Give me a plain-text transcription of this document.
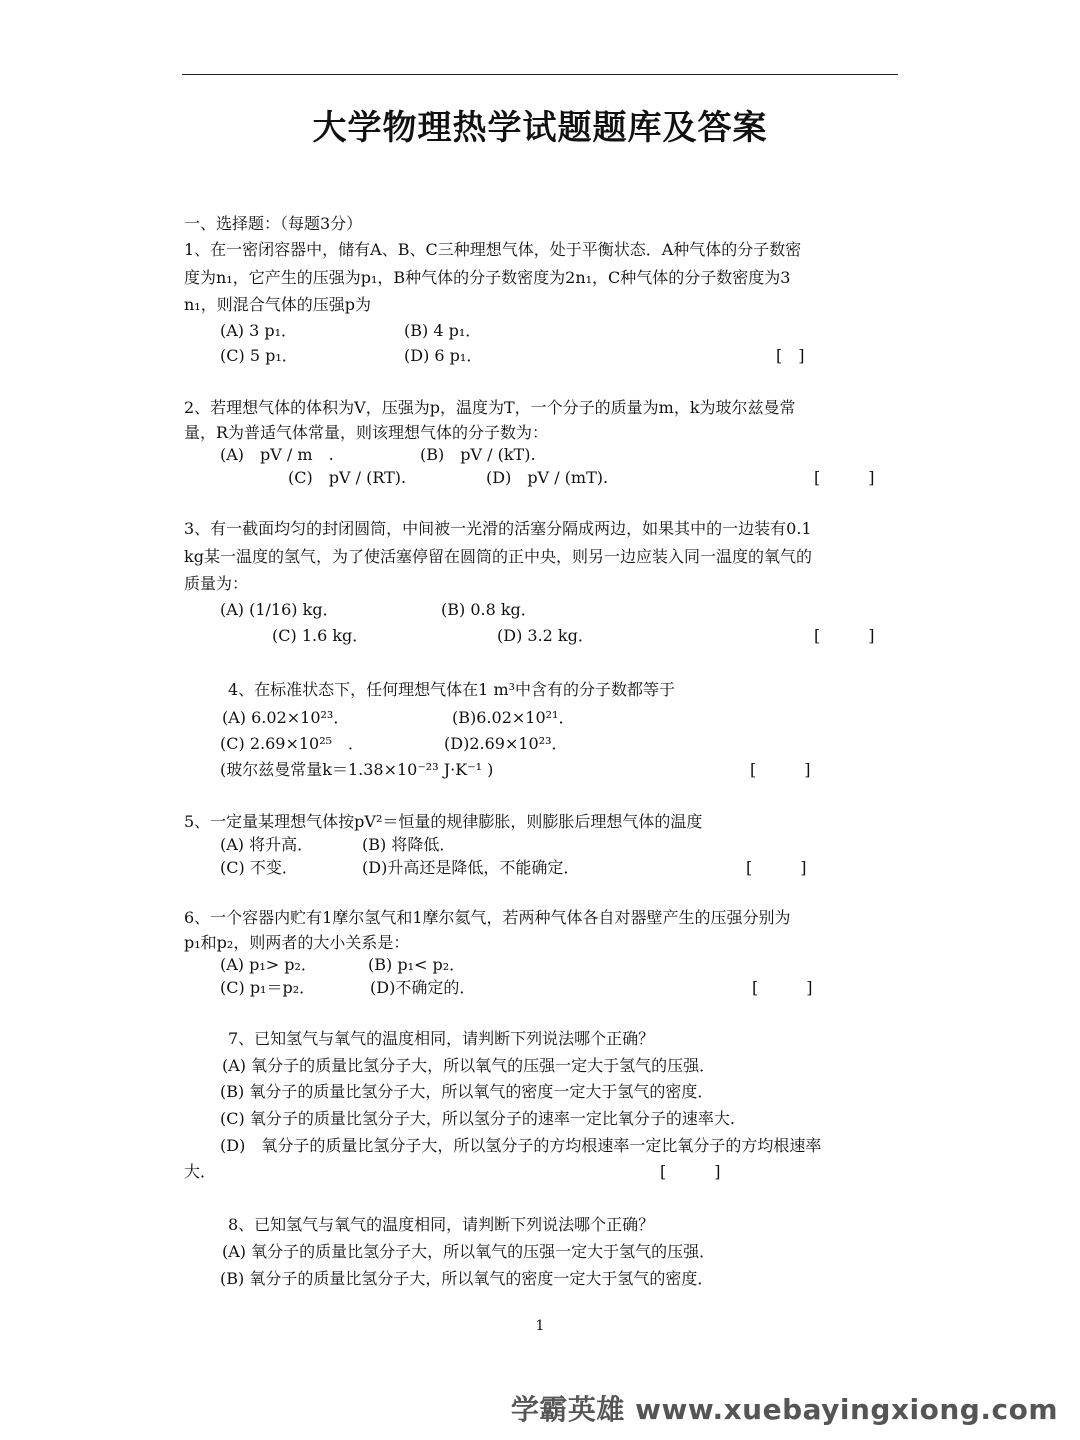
大学物理热学试题题库及答案
一、选择题：（每题3分）
1、在一密闭容器中，储有A、B、C三种理想气体，处于平衡状态．A种气体的分子数密
度为n₁，它产生的压强为p₁，B种气体的分子数密度为2n₁，C种气体的分子数密度为3
n₁，则混合气体的压强p为
(A) 3 p₁．	(B) 4 p₁．
(C) 5 p₁．	(D) 6 p₁．	[　]
2、若理想气体的体积为V，压强为p，温度为T，一个分子的质量为m，k为玻尔兹曼常
量，R为普适气体常量，则该理想气体的分子数为：
(A)　pV / m　.	(B)　pV / (kT).
(C)　pV / (RT).	(D)　pV / (mT).	[　　　]
3、有一截面均匀的封闭圆筒，中间被一光滑的活塞分隔成两边，如果其中的一边装有0.1
kg某一温度的氢气，为了使活塞停留在圆筒的正中央，则另一边应装入同一温度的氧气的
质量为：
(A) (1/16) kg．	(B) 0.8 kg．
(C) 1.6 kg．	(D) 3.2 kg．	[　　　]
4、在标准状态下，任何理想气体在1 m³中含有的分子数都等于
(A) 6.02×10²³．	(B)6.02×10²¹．
(C) 2.69×10²⁵　．	(D)2.69×10²³．
(玻尔兹曼常量k＝1.38×10⁻²³ J·K⁻¹ )	[　　　]
5、一定量某理想气体按pV²＝恒量的规律膨胀，则膨胀后理想气体的温度
(A) 将升高．	(B) 将降低．
(C) 不变．	(D)升高还是降低，不能确定．	[　　　]
6、一个容器内贮有1摩尔氢气和1摩尔氦气，若两种气体各自对器壁产生的压强分别为
p₁和p₂，则两者的大小关系是：
(A) p₁> p₂．	(B) p₁< p₂．
(C) p₁＝p₂．	(D)不确定的．	[　　　]
7、已知氢气与氧气的温度相同，请判断下列说法哪个正确？
(A) 氧分子的质量比氢分子大，所以氧气的压强一定大于氢气的压强．
(B) 氧分子的质量比氢分子大，所以氧气的密度一定大于氢气的密度．
(C) 氧分子的质量比氢分子大，所以氢分子的速率一定比氧分子的速率大.
(D)　氧分子的质量比氢分子大，所以氢分子的方均根速率一定比氧分子的方均根速率
大．	[　　　]
8、已知氢气与氧气的温度相同，请判断下列说法哪个正确？
(A) 氧分子的质量比氢分子大，所以氧气的压强一定大于氢气的压强．
(B) 氧分子的质量比氢分子大，所以氧气的密度一定大于氢气的密度．
1
学霸英雄 www.xuebayingxiong.com
